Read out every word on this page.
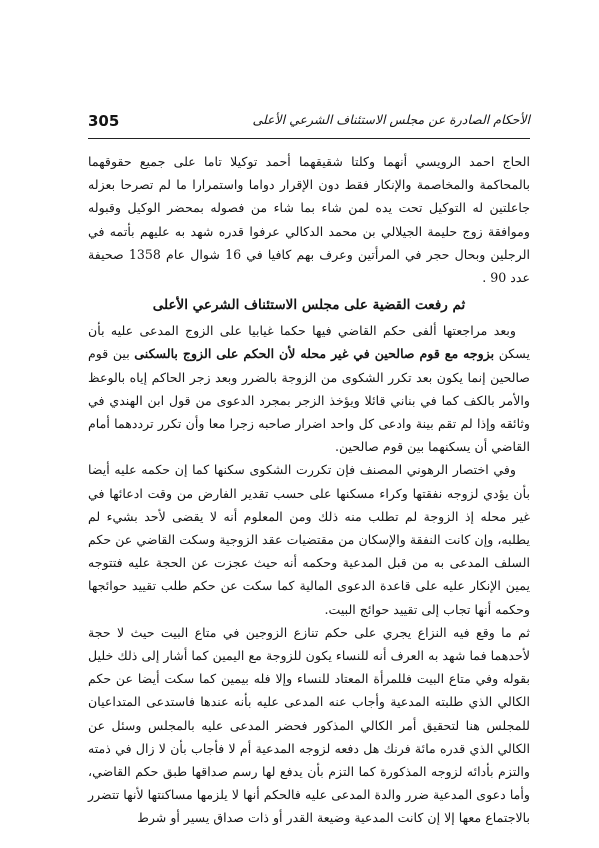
305	الأحكام الصادرة عن مجلس الاستئناف الشرعي الأعلى

الحاج احمد الرويسي أنهما وكلتا شقيقهما أحمد توكيلا تاما على جميع حقوقهما بالمحاكمة والمخاصمة والإنكار فقط دون الإقرار دواما واستمرارا ما لم تصرحا بعزله جاعلتين له التوكيل تحت يده لمن شاء بما شاء من فصوله بمحضر الوكيل وقبوله وموافقة زوج حليمة الجيلالي بن محمد الدكالي عرفوا قدره شهد به عليهم بأتمه في الرجلين وبحال حجر في المرأتين وعرف بهم كافيا في 16 شوال عام 1358 صحيفة عدد 90 .

ثم رفعت القضية على مجلس الاستئناف الشرعي الأعلى

وبعد مراجعتها ألفى حكم القاضي فيها حكما غيابيا على الزوج المدعى عليه بأن يسكن بزوجه مع قوم صالحين في غير محله لأن الحكم على الزوج بالسكنى بين قوم صالحين إنما يكون بعد تكرر الشكوى من الزوجة بالضرر وبعد زجر الحاكم إياه بالوعظ والأمر بالكف كما في بناني قائلا ويؤخذ الزجر بمجرد الدعوى من قول ابن الهندي في وثائقه وإذا لم تقم بينة وادعى كل واحد اضرار صاحبه زجرا معا وأن تكرر ترددهما أمام القاضي أن يسكنهما بين قوم صالحين.

وفي اختصار الرهوني المصنف فإن تكررت الشكوى سكنها كما إن حكمه عليه أيضا بأن يؤدي لزوجه نفقتها وكراء مسكنها على حسب تقدير الفارض من وقت ادعائها في غير محله إذ الزوجة لم تطلب منه ذلك ومن المعلوم أنه لا يقضى لأحد بشيء لم يطلبه، وإن كانت النفقة والإسكان من مقتضيات عقد الزوجية وسكت القاضي عن حكم السلف المدعى به من قبل المدعية وحكمه أنه حيث عجزت عن الحجة عليه فتتوجه يمين الإنكار عليه على قاعدة الدعوى المالية كما سكت عن حكم طلب تقييد حوائجها وحكمه أنها تجاب إلى تقييد حوائج البيت.

ثم ما وقع فيه النزاع يجري على حكم تنازع الزوجين في متاع البيت حيث لا حجة لأحدهما فما شهد به العرف أنه للنساء يكون للزوجة مع اليمين كما أشار إلى ذلك خليل بقوله وفي متاع البيت فللمرأة المعتاد للنساء وإلا فله بيمين كما سكت أيضا عن حكم الكالي الذي طلبته المدعية وأجاب عنه المدعى عليه بأنه عندها فاستدعى المتداعيان للمجلس هنا لتحقيق أمر الكالي المذكور فحضر المدعى عليه بالمجلس وسئل عن الكالي الذي قدره مائة فرنك هل دفعه لزوجه المدعية أم لا فأجاب بأن لا زال في ذمته والتزم بأدائه لزوجه المذكورة كما التزم بأن يدفع لها رسم صداقها طبق حكم القاضي، وأما دعوى المدعية ضرر والدة المدعى عليه فالحكم أنها لا يلزمها مساكنتها لأنها تتضرر بالاجتماع معها إلا إن كانت المدعية وضيعة القدر أو ذات صداق يسير أو شرط
